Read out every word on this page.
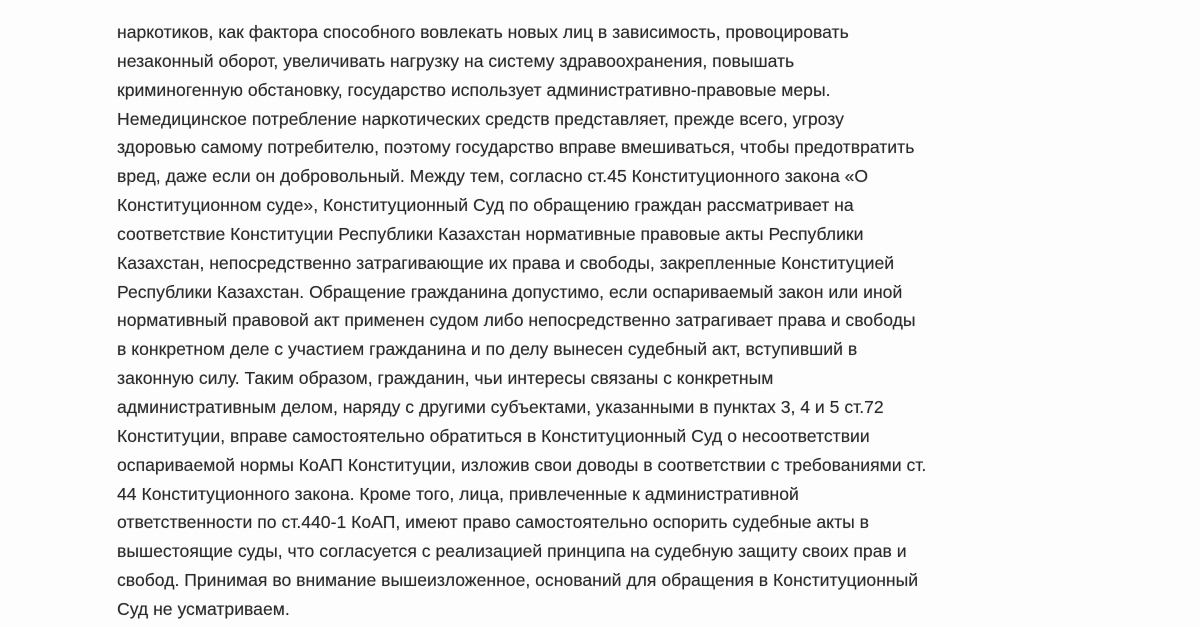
наркотиков, как фактора способного вовлекать новых лиц в зависимость, провоцировать
незаконный оборот, увеличивать нагрузку на систему здравоохранения, повышать
криминогенную обстановку, государство использует административно-правовые меры.
Немедицинское потребление наркотических средств представляет, прежде всего, угрозу
здоровью самому потребителю, поэтому государство вправе вмешиваться, чтобы предотвратить
вред, даже если он добровольный. Между тем, согласно ст.45 Конституционного закона «О
Конституционном суде», Конституционный Суд по обращению граждан рассматривает на
соответствие Конституции Республики Казахстан нормативные правовые акты Республики
Казахстан, непосредственно затрагивающие их права и свободы, закрепленные Конституцией
Республики Казахстан. Обращение гражданина допустимо, если оспариваемый закон или иной
нормативный правовой акт применен судом либо непосредственно затрагивает права и свободы
в конкретном деле с участием гражданина и по делу вынесен судебный акт, вступивший в
законную силу. Таким образом, гражданин, чьи интересы связаны с конкретным
административным делом, наряду с другими субъектами, указанными в пунктах 3, 4 и 5 ст.72
Конституции, вправе самостоятельно обратиться в Конституционный Суд о несоответствии
оспариваемой нормы КоАП Конституции, изложив свои доводы в соответствии с требованиями ст.
44 Конституционного закона. Кроме того, лица, привлеченные к административной
ответственности по ст.440-1 КоАП, имеют право самостоятельно оспорить судебные акты в
вышестоящие суды, что согласуется с реализацией принципа на судебную защиту своих прав и
свобод. Принимая во внимание вышеизложенное, оснований для обращения в Конституционный
Суд не усматриваем.
